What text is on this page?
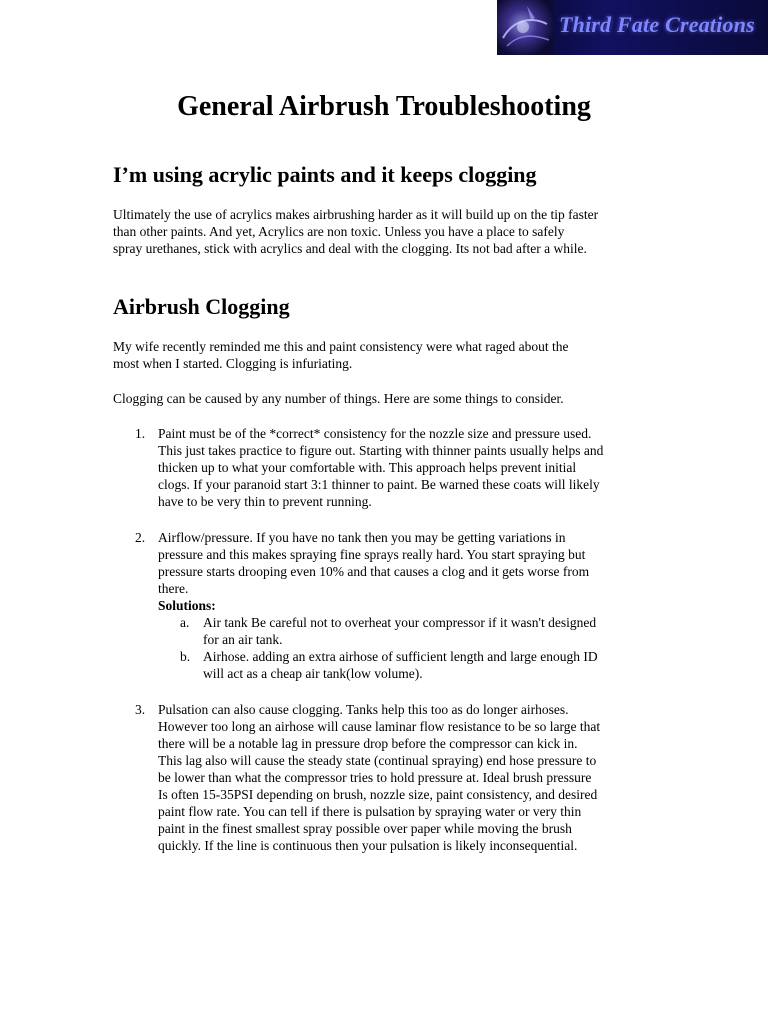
Third Fate Creations
General Airbrush Troubleshooting
I’m using acrylic paints and it keeps clogging
Ultimately the use of acrylics makes airbrushing harder as it will build up on the tip faster
than other paints. And yet, Acrylics are non toxic. Unless you have a place to safely
spray urethanes, stick with acrylics and deal with the clogging. Its not bad after a while.
Airbrush Clogging
My wife recently reminded me this and paint consistency were what raged about the
most when I started. Clogging is infuriating.
Clogging can be caused by any number of things. Here are some things to consider.
1. Paint must be of the *correct* consistency for the nozzle size and pressure used.
This just takes practice to figure out. Starting with thinner paints usually helps and
thicken up to what your comfortable with. This approach helps prevent initial
clogs. If your paranoid start 3:1 thinner to paint. Be warned these coats will likely
have to be very thin to prevent running.
2. Airflow/pressure. If you have no tank then you may be getting variations in
pressure and this makes spraying fine sprays really hard. You start spraying but
pressure starts drooping even 10% and that causes a clog and it gets worse from
there.
Solutions:
a. Air tank Be careful not to overheat your compressor if it wasn't designed
for an air tank.
b. Airhose. adding an extra airhose of sufficient length and large enough ID
will act as a cheap air tank(low volume).
3. Pulsation can also cause clogging. Tanks help this too as do longer airhoses.
However too long an airhose will cause laminar flow resistance to be so large that
there will be a notable lag in pressure drop before the compressor can kick in.
This lag also will cause the steady state (continual spraying) end hose pressure to
be lower than what the compressor tries to hold pressure at. Ideal brush pressure
Is often 15-35PSI depending on brush, nozzle size, paint consistency, and desired
paint flow rate. You can tell if there is pulsation by spraying water or very thin
paint in the finest smallest spray possible over paper while moving the brush
quickly. If the line is continuous then your pulsation is likely inconsequential.
